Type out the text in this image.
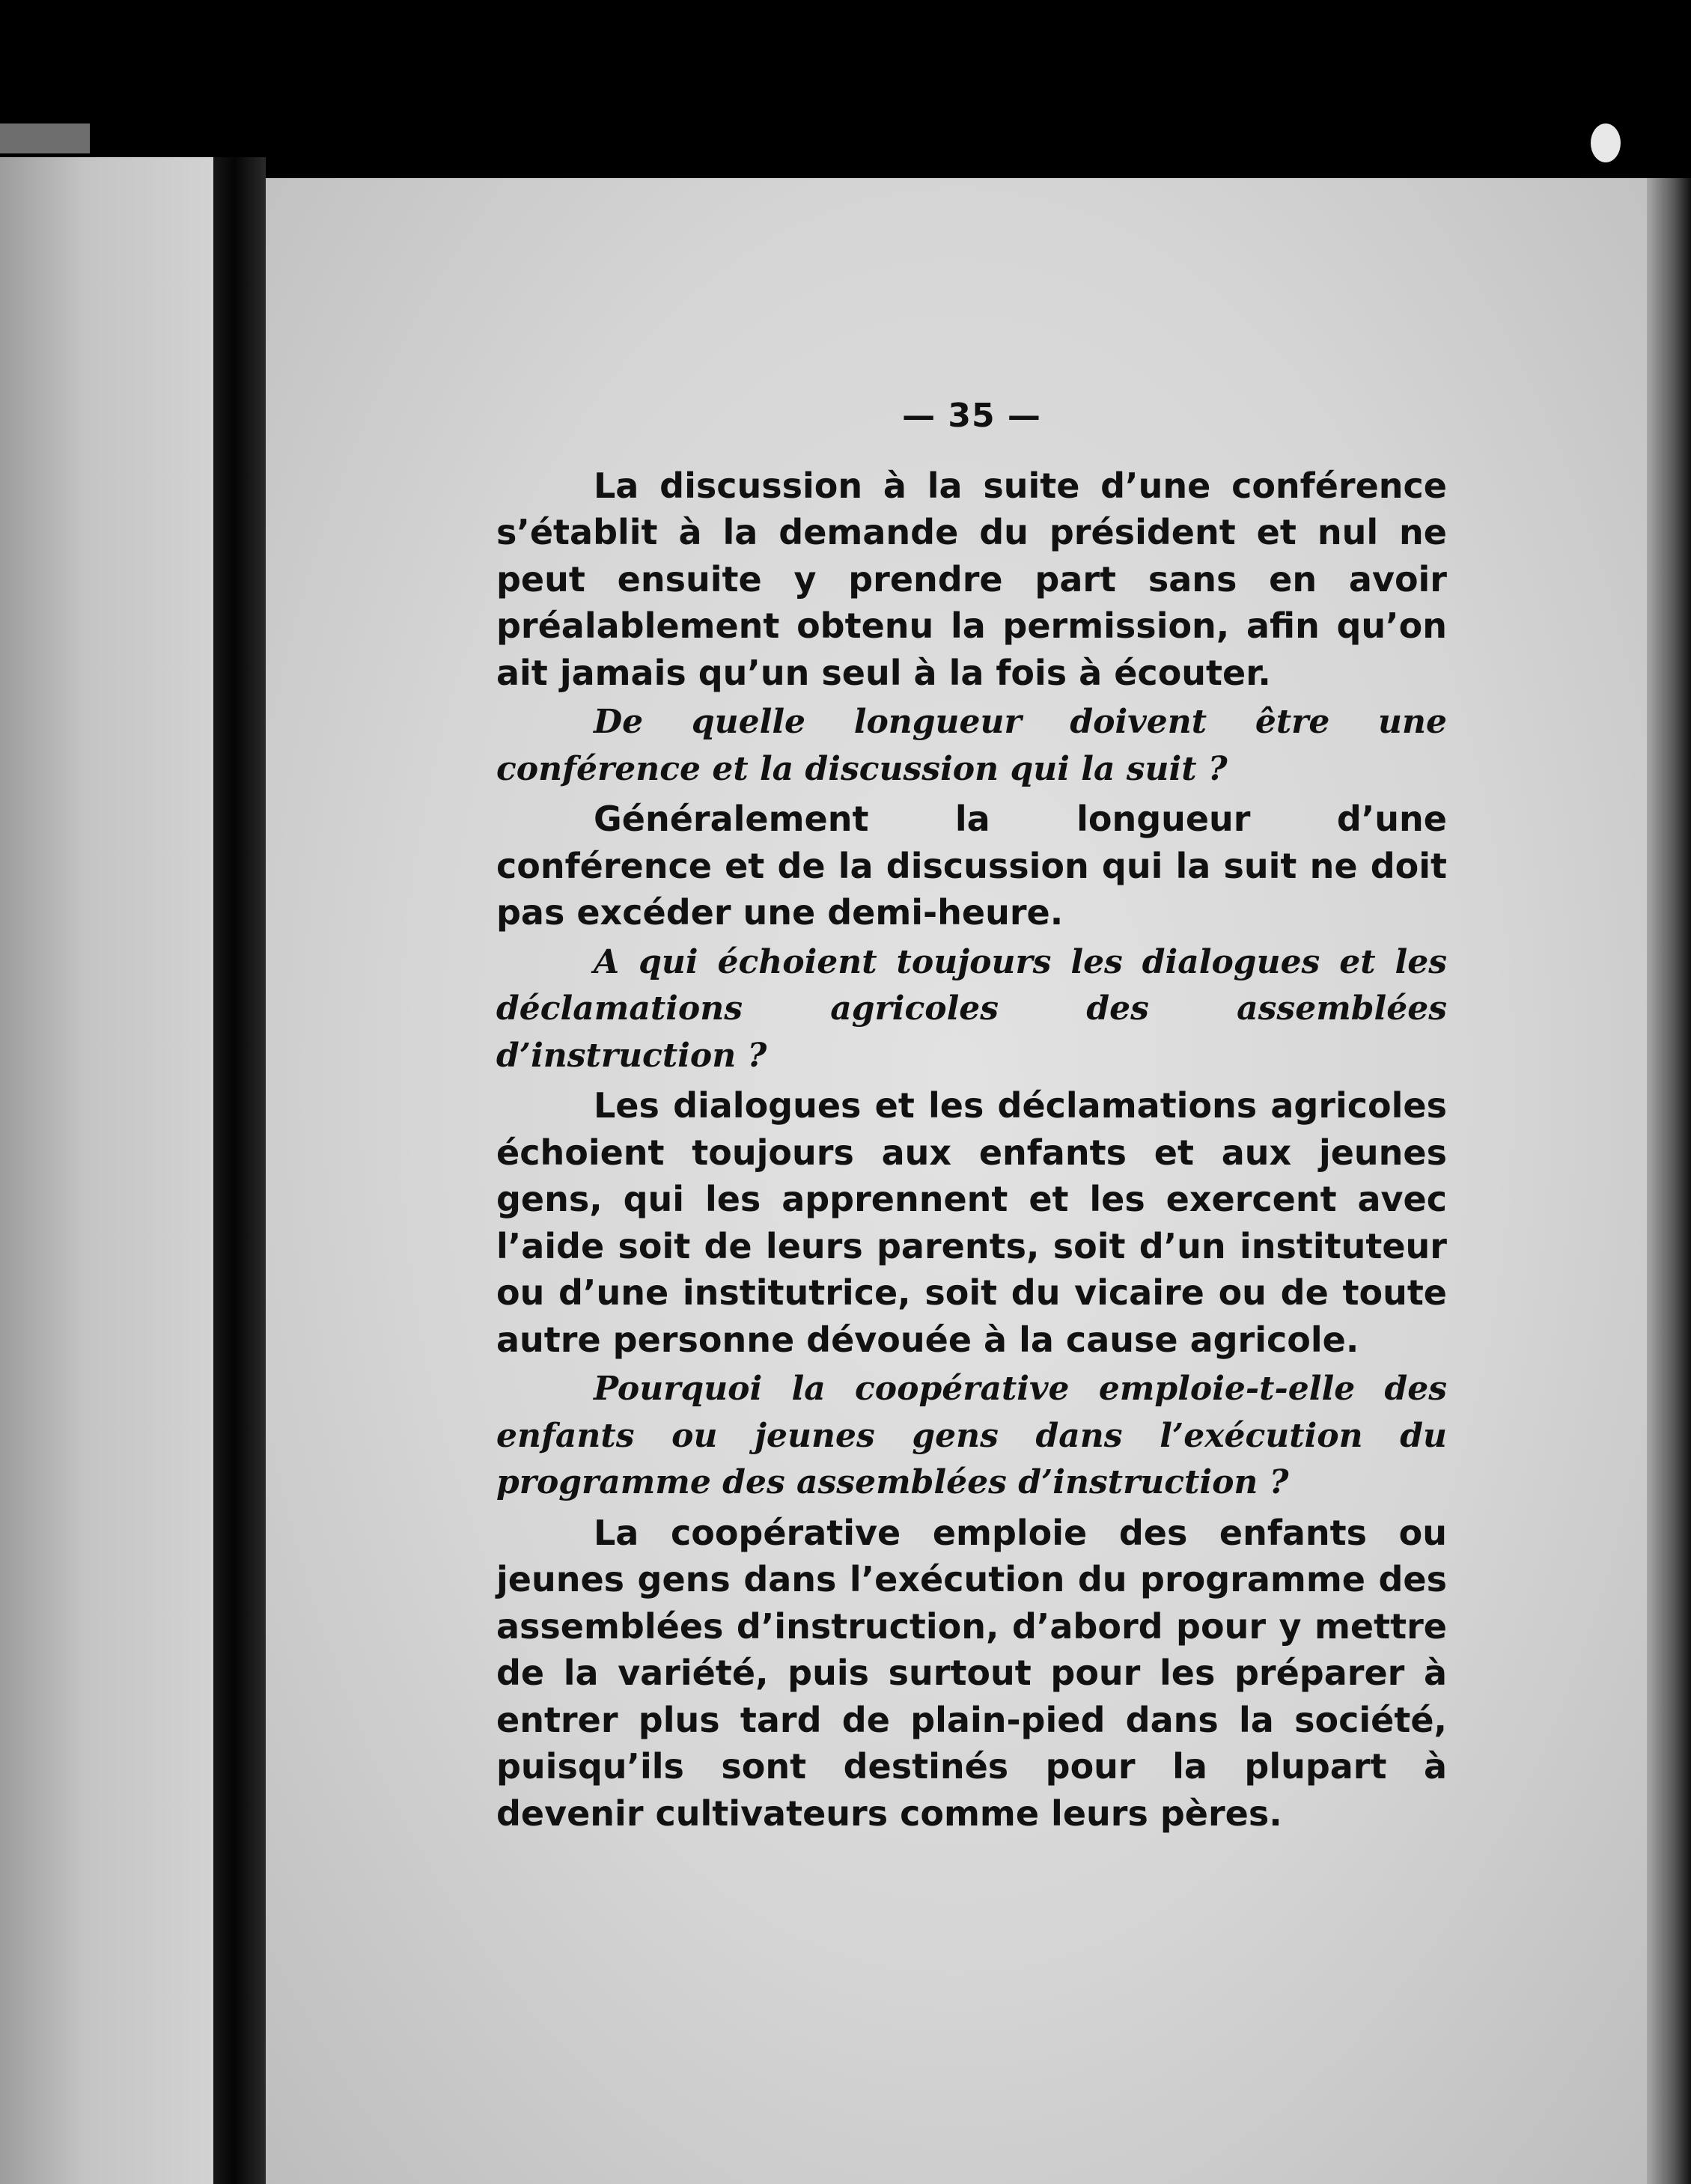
— 35 —

La discussion à la suite d’une conférence s’établit à la demande du président et nul ne peut ensuite y prendre part sans en avoir préalablement obtenu la permission, afin qu’on ait jamais qu’un seul à la fois à écouter.

De quelle longueur doivent être une conférence et la discussion qui la suit ?

Généralement la longueur d’une conférence et de la discussion qui la suit ne doit pas excéder une demi-heure.

A qui échoient toujours les dialogues et les déclamations agricoles des assemblées d’instruction ?

Les dialogues et les déclamations agricoles échoient toujours aux enfants et aux jeunes gens, qui les apprennent et les exercent avec l’aide soit de leurs parents, soit d’un instituteur ou d’une institutrice, soit du vicaire ou de toute autre personne dévouée à la cause agricole.

Pourquoi la coopérative emploie-t-elle des enfants ou jeunes gens dans l’exécution du programme des assemblées d’instruction ?

La coopérative emploie des enfants ou jeunes gens dans l’exécution du programme des assemblées d’instruction, d’abord pour y mettre de la variété, puis surtout pour les préparer à entrer plus tard de plain-pied dans la société, puisqu’ils sont destinés pour la plupart à devenir cultivateurs comme leurs pères.
